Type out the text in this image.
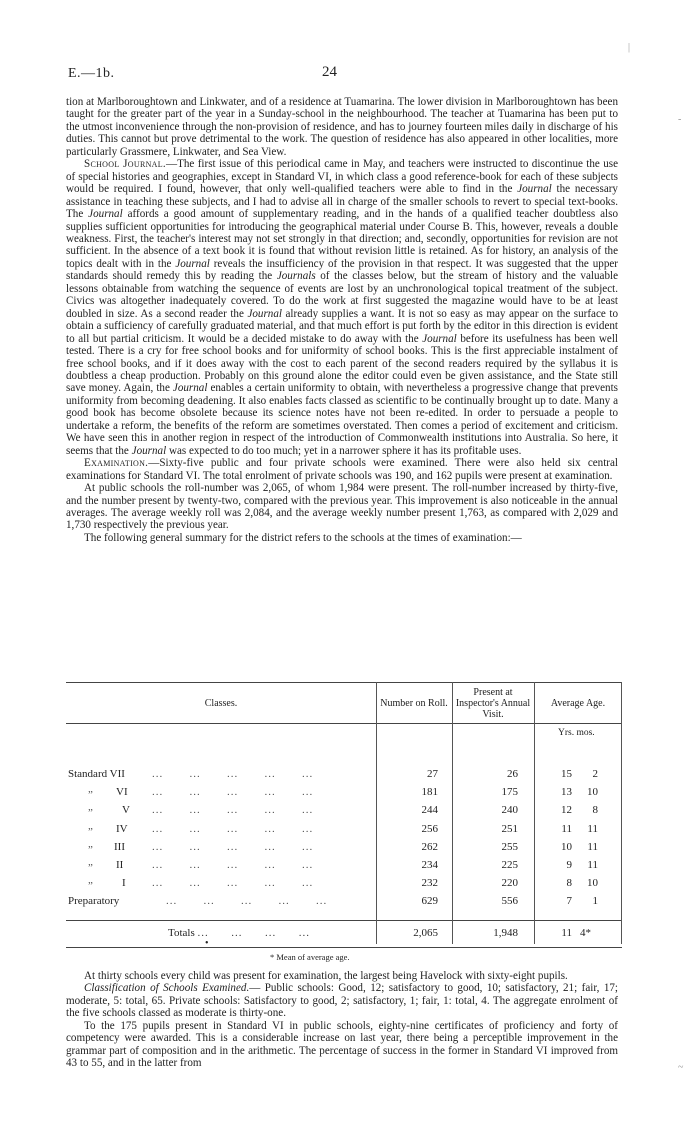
E.—1b.	24

tion at Marlboroughtown and Linkwater, and of a residence at Tuamarina. The lower division in Marlboroughtown has been taught for the greater part of the year in a Sunday-school in the neighbourhood. The teacher at Tuamarina has been put to the utmost inconvenience through the non-provision of residence, and has to journey fourteen miles daily in discharge of his duties. This cannot but prove detrimental to the work. The question of residence has also appeared in other localities, more particularly Grassmere, Linkwater, and Sea View.

School Journal.—The first issue of this periodical came in May, and teachers were instructed to discontinue the use of special histories and geographies, except in Standard VI, in which class a good reference-book for each of these subjects would be required. I found, however, that only well-qualified teachers were able to find in the Journal the necessary assistance in teaching these subjects, and I had to advise all in charge of the smaller schools to revert to special text-books. The Journal affords a good amount of supplementary reading, and in the hands of a qualified teacher doubtless also supplies sufficient opportunities for introducing the geographical material under Course B. This, however, reveals a double weakness. First, the teacher's interest may not set strongly in that direction; and, secondly, opportunities for revision are not sufficient. In the absence of a text book it is found that without revision little is retained. As for history, an analysis of the topics dealt with in the Journal reveals the insufficiency of the provision in that respect. It was suggested that the upper standards should remedy this by reading the Journals of the classes below, but the stream of history and the valuable lessons obtainable from watching the sequence of events are lost by an unchronological topical treatment of the subject. Civics was altogether inadequately covered. To do the work at first suggested the magazine would have to be at least doubled in size. As a second reader the Journal already supplies a want. It is not so easy as may appear on the surface to obtain a sufficiency of carefully graduated material, and that much effort is put forth by the editor in this direction is evident to all but partial criticism. It would be a decided mistake to do away with the Journal before its usefulness has been well tested. There is a cry for free school books and for uniformity of school books. This is the first appreciable instalment of free school books, and if it does away with the cost to each parent of the second readers required by the syllabus it is doubtless a cheap production. Probably on this ground alone the editor could even be given assistance, and the State still save money. Again, the Journal enables a certain uniformity to obtain, with nevertheless a progressive change that prevents uniformity from becoming deadening. It also enables facts classed as scientific to be continually brought up to date. Many a good book has become obsolete because its science notes have not been re-edited. In order to persuade a people to undertake a reform, the benefits of the reform are sometimes overstated. Then comes a period of excitement and criticism. We have seen this in another region in respect of the introduction of Commonwealth institutions into Australia. So here, it seems that the Journal was expected to do too much; yet in a narrower sphere it has its profitable uses.

Examination.—Sixty-five public and four private schools were examined. There were also held six central examinations for Standard VI. The total enrolment of private schools was 190, and 162 pupils were present at examination.

At public schools the roll-number was 2,065, of whom 1,984 were present. The roll-number increased by thirty-five, and the number present by twenty-two, compared with the previous year. This improvement is also noticeable in the annual averages. The average weekly roll was 2,084, and the average weekly number present 1,763, as compared with 2,029 and 1,730 respectively the previous year.

The following general summary for the district refers to the schools at the times of examination:—

Classes.	Number on Roll.
Present at Inspector's Annual Visit.
Average Age.
Yrs. mos.
Standard VII ...       ...       ...       ...       ...	27	26	15	2
„ VI ...       ...       ...       ...       ...	181	175	13	10
„	V ...       ...       ...       ...       ...	244	240	12	8
„ IV ...       ...       ...       ...       ...	256	251	11	11
„ III ...       ...       ...       ...       ...	262	255	10	11
„ II	...       ...       ...       ...       ...	234	225	9	11
„	I ...       ...       ...       ...       ...	232	220	8	10
Preparatory	...       ...       ...       ...       ...	629	556	7	1
Totals ...      ...      ...      ...	2,065	1,948	11 4*
•
* Mean of average age.

At thirty schools every child was present for examination, the largest being Havelock with sixty-eight pupils.

Classification of Schools Examined.— Public schools: Good, 12; satisfactory to good, 10; satisfactory, 21; fair, 17; moderate, 5: total, 65. Private schools: Satisfactory to good, 2; satisfactory, 1; fair, 1: total, 4. The aggregate enrolment of the five schools classed as moderate is thirty-one.

To the 175 pupils present in Standard VI in public schools, eighty-nine certificates of proficiency and forty of competency were awarded. This is a considerable increase on last year, there being a perceptible improvement in the grammar part of composition and in the arithmetic. The percentage of success in the former in Standard VI improved from 43 to 55, and in the latter from

|
-
~
